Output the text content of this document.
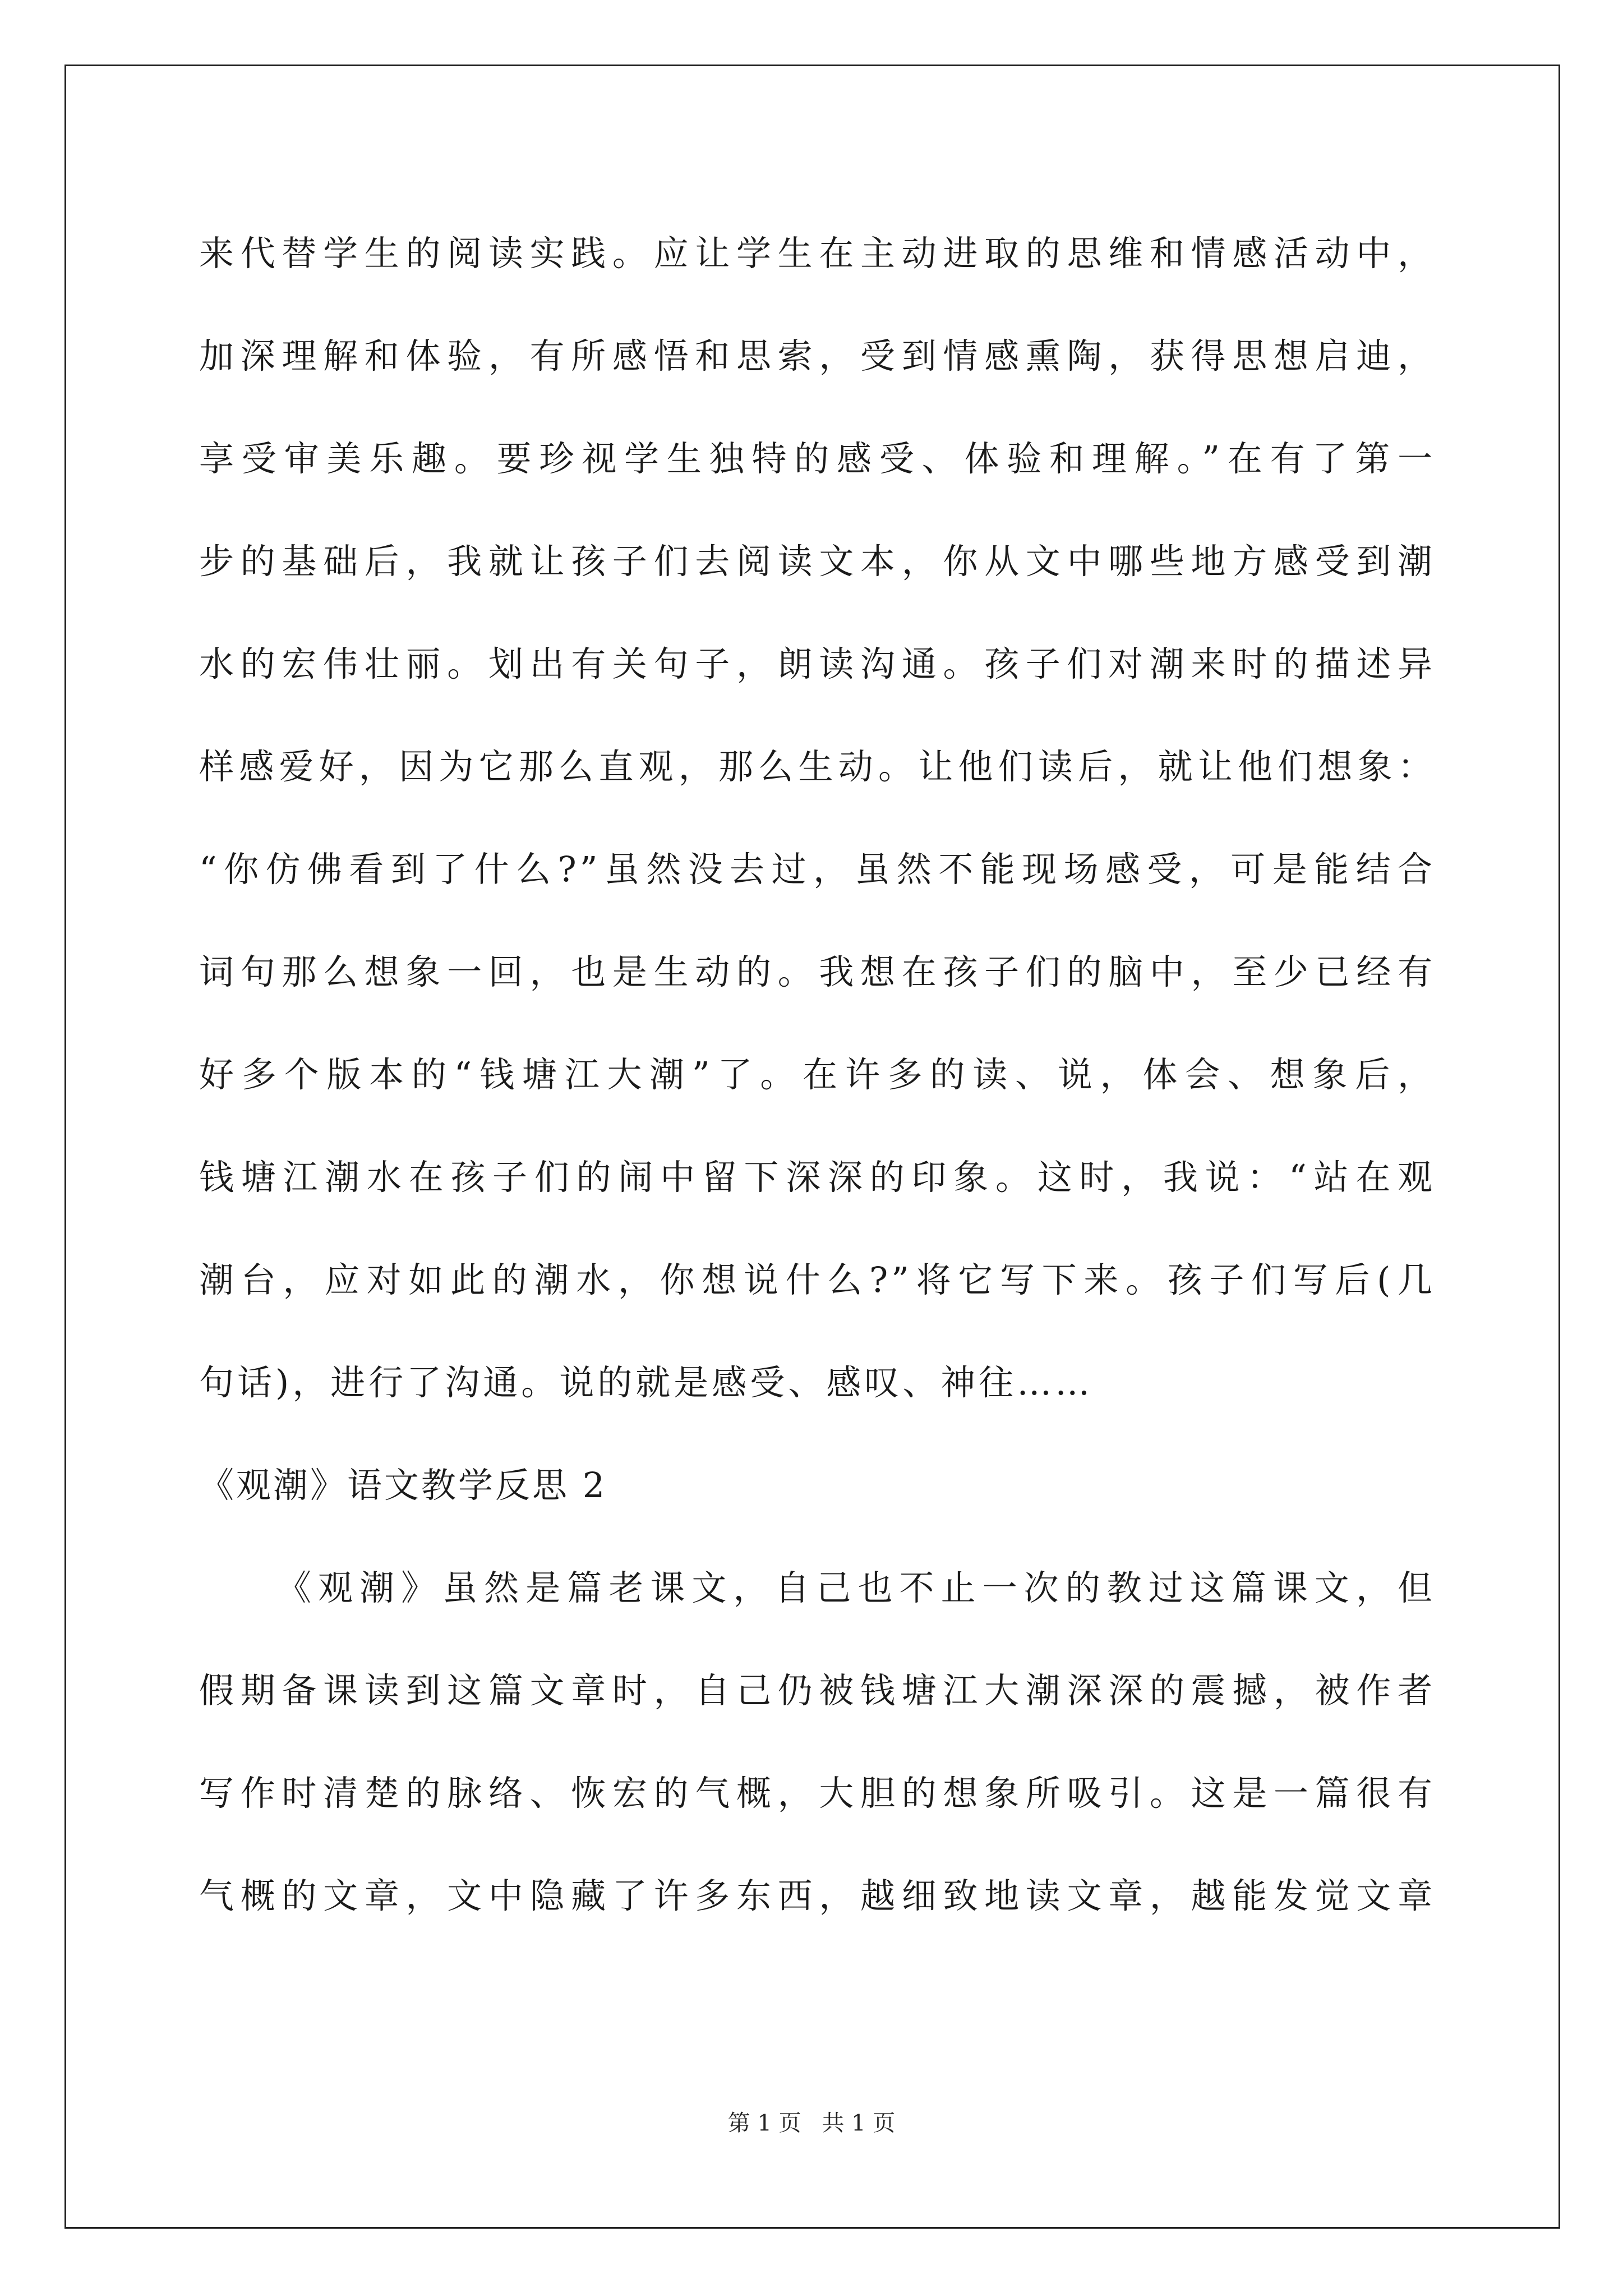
来代替学生的阅读实践。应让学生在主动进取的思维和情感活动中，
加深理解和体验，有所感悟和思索，受到情感熏陶，获得思想启迪，
享受审美乐趣。要珍视学生独特的感受、体验和理解。”在有了第一
步的基础后，我就让孩子们去阅读文本，你从文中哪些地方感受到潮
水的宏伟壮丽。划出有关句子，朗读沟通。孩子们对潮来时的描述异
样感爱好，因为它那么直观，那么生动。让他们读后，就让他们想象：
“你仿佛看到了什么?”虽然没去过，虽然不能现场感受，可是能结合
词句那么想象一回，也是生动的。我想在孩子们的脑中，至少已经有
好多个版本的“钱塘江大潮”了。在许多的读、说，体会、想象后，
钱塘江潮水在孩子们的闹中留下深深的印象。这时，我说：“站在观
潮台，应对如此的潮水，你想说什么?”将它写下来。孩子们写后(几
句话)，进行了沟通。说的就是感受、感叹、神往……
《观潮》语文教学反思 2
《观潮》虽然是篇老课文，自己也不止一次的教过这篇课文，但
假期备课读到这篇文章时，自己仍被钱塘江大潮深深的震撼，被作者
写作时清楚的脉络、恢宏的气概，大胆的想象所吸引。这是一篇很有
气概的文章，文中隐藏了许多东西，越细致地读文章，越能发觉文章
第 1 页 共 1 页
